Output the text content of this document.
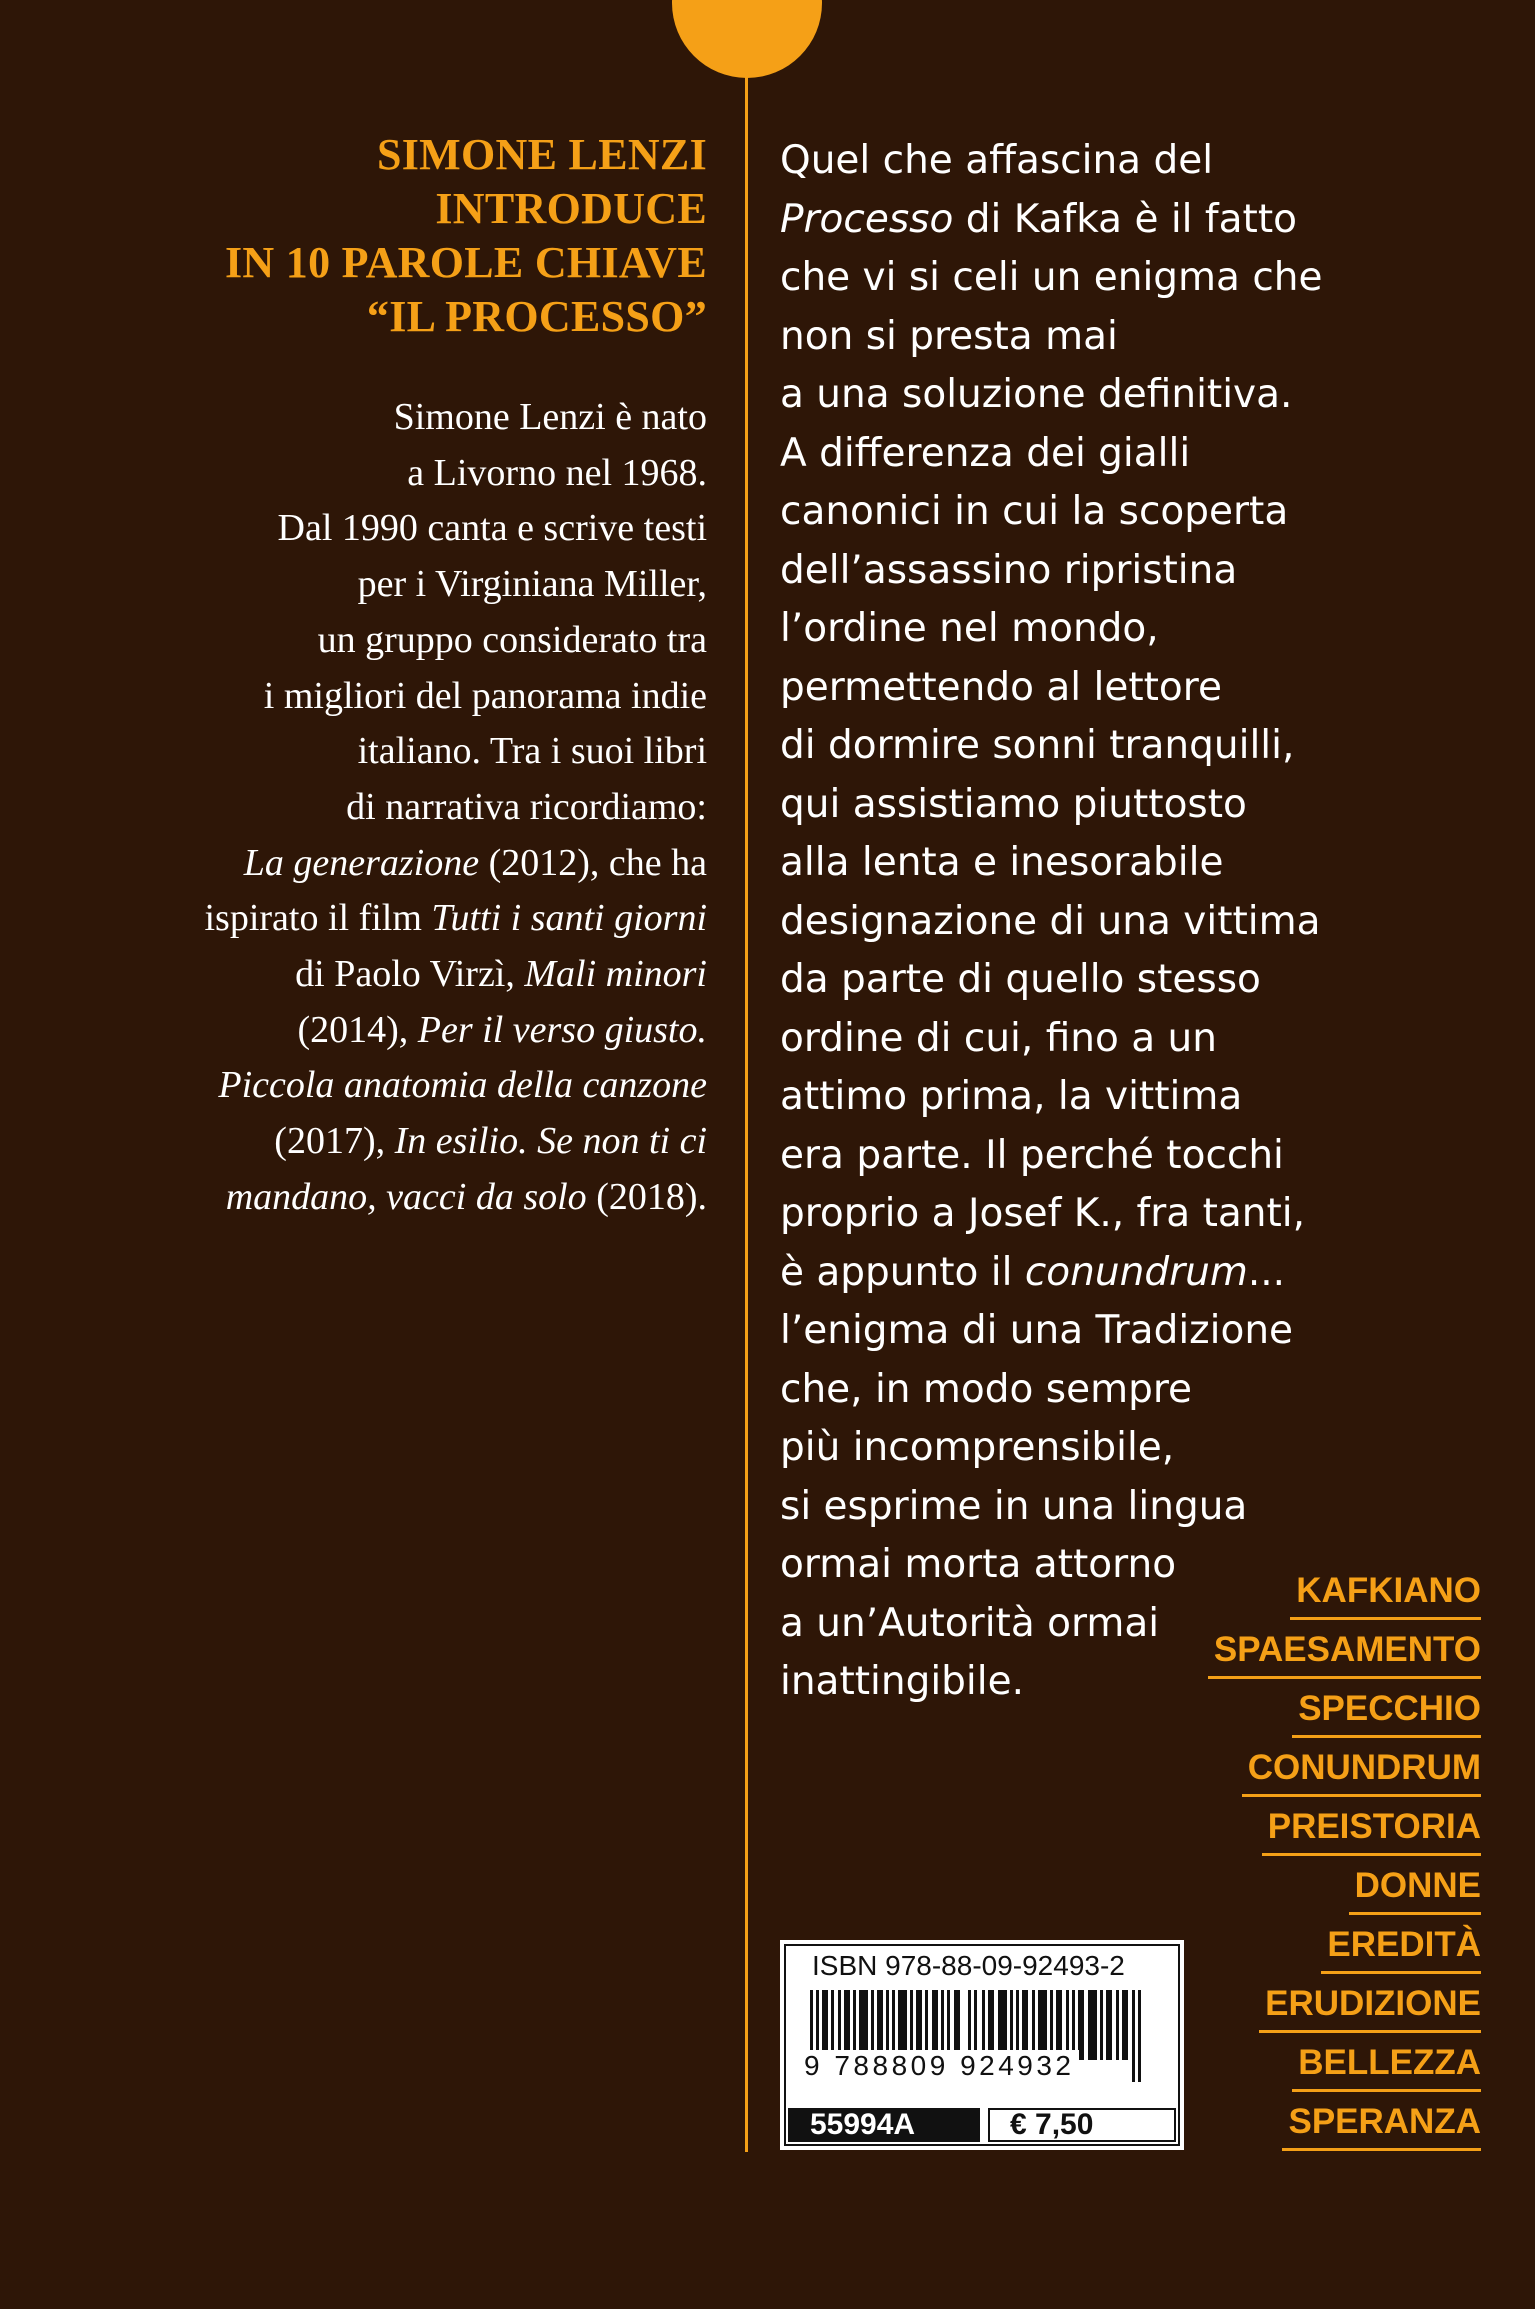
SIMONE LENZI
INTRODUCE
IN 10 PAROLE CHIAVE
“IL PROCESSO”
Simone Lenzi è nato
a Livorno nel 1968.
Dal 1990 canta e scrive testi
per i Virginiana Miller,
un gruppo considerato tra
i migliori del panorama indie
italiano. Tra i suoi libri
di narrativa ricordiamo:
La generazione (2012), che ha
ispirato il film Tutti i santi giorni
di Paolo Virzì, Mali minori
(2014), Per il verso giusto.
Piccola anatomia della canzone
(2017), In esilio. Se non ti ci
mandano, vacci da solo (2018).
KAFKIANO
SPAESAMENTO
SPECCHIO
CONUNDRUM
PREISTORIA
DONNE
EREDITÀ
ERUDIZIONE
BELLEZZA
SPERANZA
Quel che affascina del
Processo di Kafka è il fatto
che vi si celi un enigma che
non si presta mai
a una soluzione definitiva.
A differenza dei gialli
canonici in cui la scoperta
dell’assassino ripristina
l’ordine nel mondo,
permettendo al lettore
di dormire sonni tranquilli,
qui assistiamo piuttosto
alla lenta e inesorabile
designazione di una vittima
da parte di quello stesso
ordine di cui, fino a un
attimo prima, la vittima
era parte. Il perché tocchi
proprio a Josef K., fra tanti,
è appunto il conundrum...
l’enigma di una Tradizione
che, in modo sempre
più incomprensibile,
si esprime in una lingua
ormai morta attorno
a un’Autorità ormai
inattingibile.
ISBN 978-88-09-92493-2
9 788809 924932
55994A	€ 7,50
